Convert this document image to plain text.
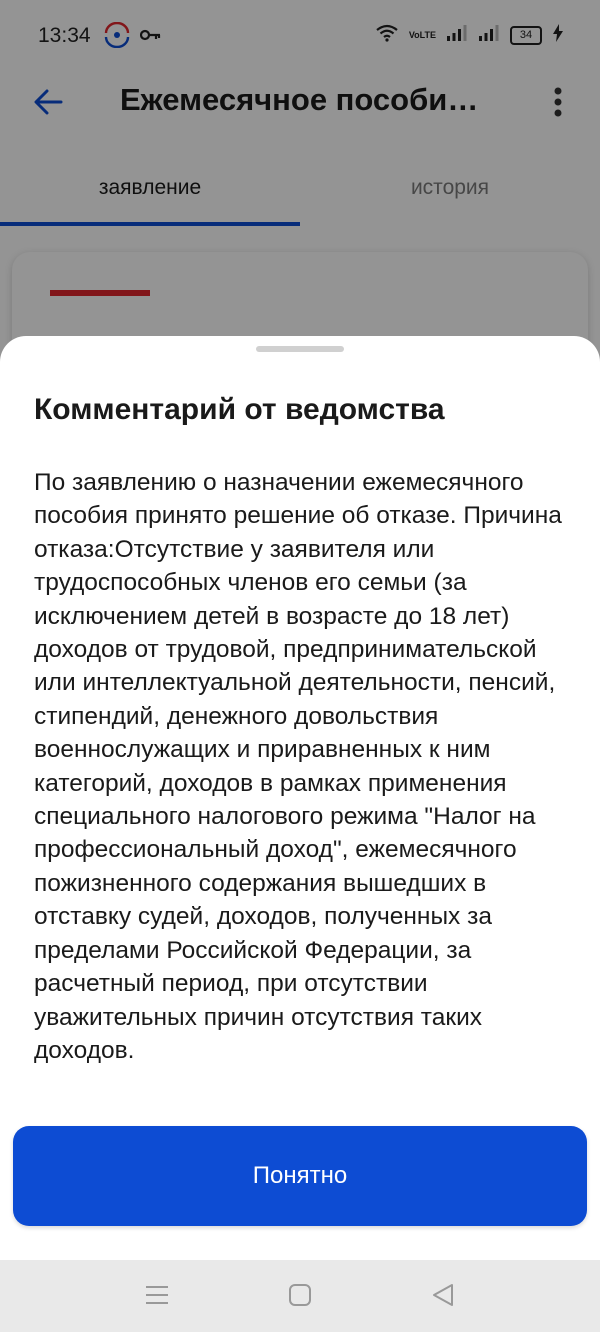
13:34	VoLTE	34
Ежемесячное пособи…
заявление	история
Комментарий от ведомства
По заявлению о назначении ежемесячного пособия принято решение об отказе. Причина отказа:Отсутствие у заявителя или трудоспособных членов его семьи (за исключением детей в возрасте до 18 лет) доходов от трудовой, предпринимательской или интеллектуальной деятельности, пенсий, стипендий, денежного довольствия военнослужащих и приравненных к ним категорий, доходов в рамках применения специального налогового режима "Налог на профессиональный доход", ежемесячного пожизненного содержания вышедших в отставку судей, доходов, полученных за пределами Российской Федерации, за расчетный период, при отсутствии уважительных причин отсутствия таких доходов.
Понятно
